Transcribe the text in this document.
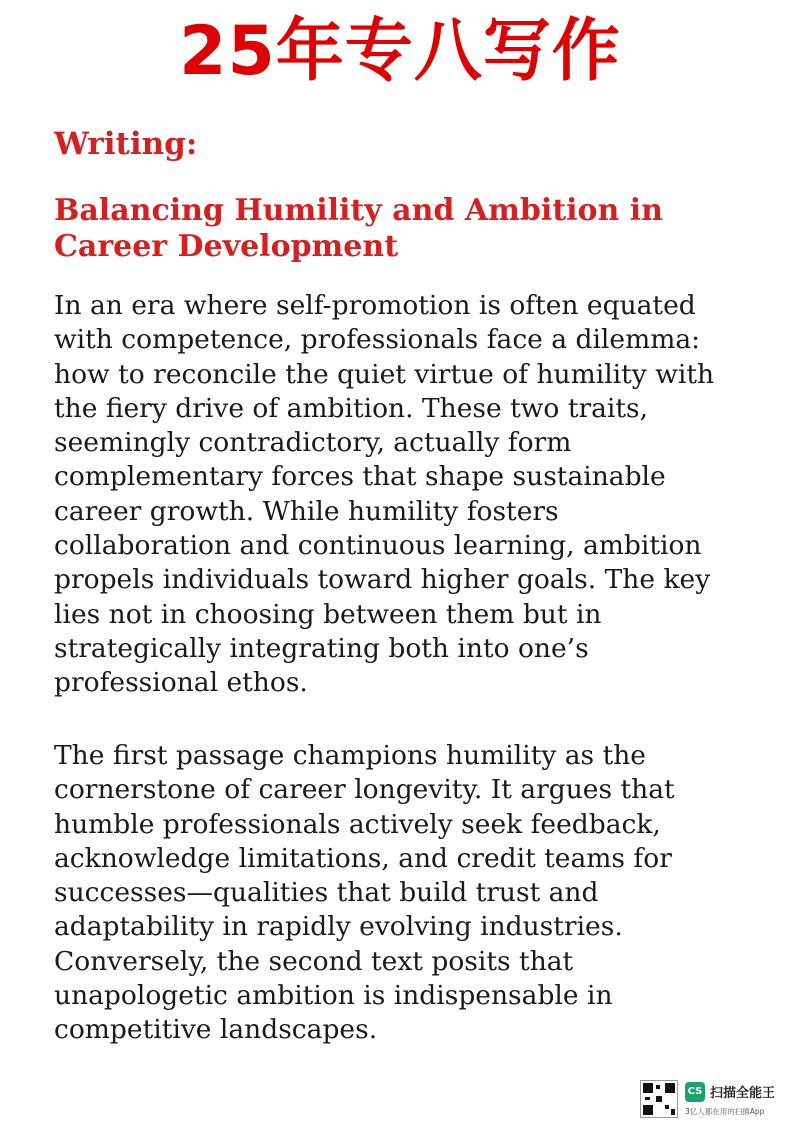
25年专八写作
Writing:
Balancing Humility and Ambition in
Career Development
In an era where self-promotion is often equated
with competence, professionals face a dilemma:
how to reconcile the quiet virtue of humility with
the fiery drive of ambition. These two traits,
seemingly contradictory, actually form
complementary forces that shape sustainable
career growth. While humility fosters
collaboration and continuous learning, ambition
propels individuals toward higher goals. The key
lies not in choosing between them but in
strategically integrating both into one’s
professional ethos.
The first passage champions humility as the
cornerstone of career longevity. It argues that
humble professionals actively seek feedback,
acknowledge limitations, and credit teams for
successes—qualities that build trust and
adaptability in rapidly evolving industries.
Conversely, the second text posits that
unapologetic ambition is indispensable in
competitive landscapes.
CS 扫描全能王
3亿人都在用的扫描App
